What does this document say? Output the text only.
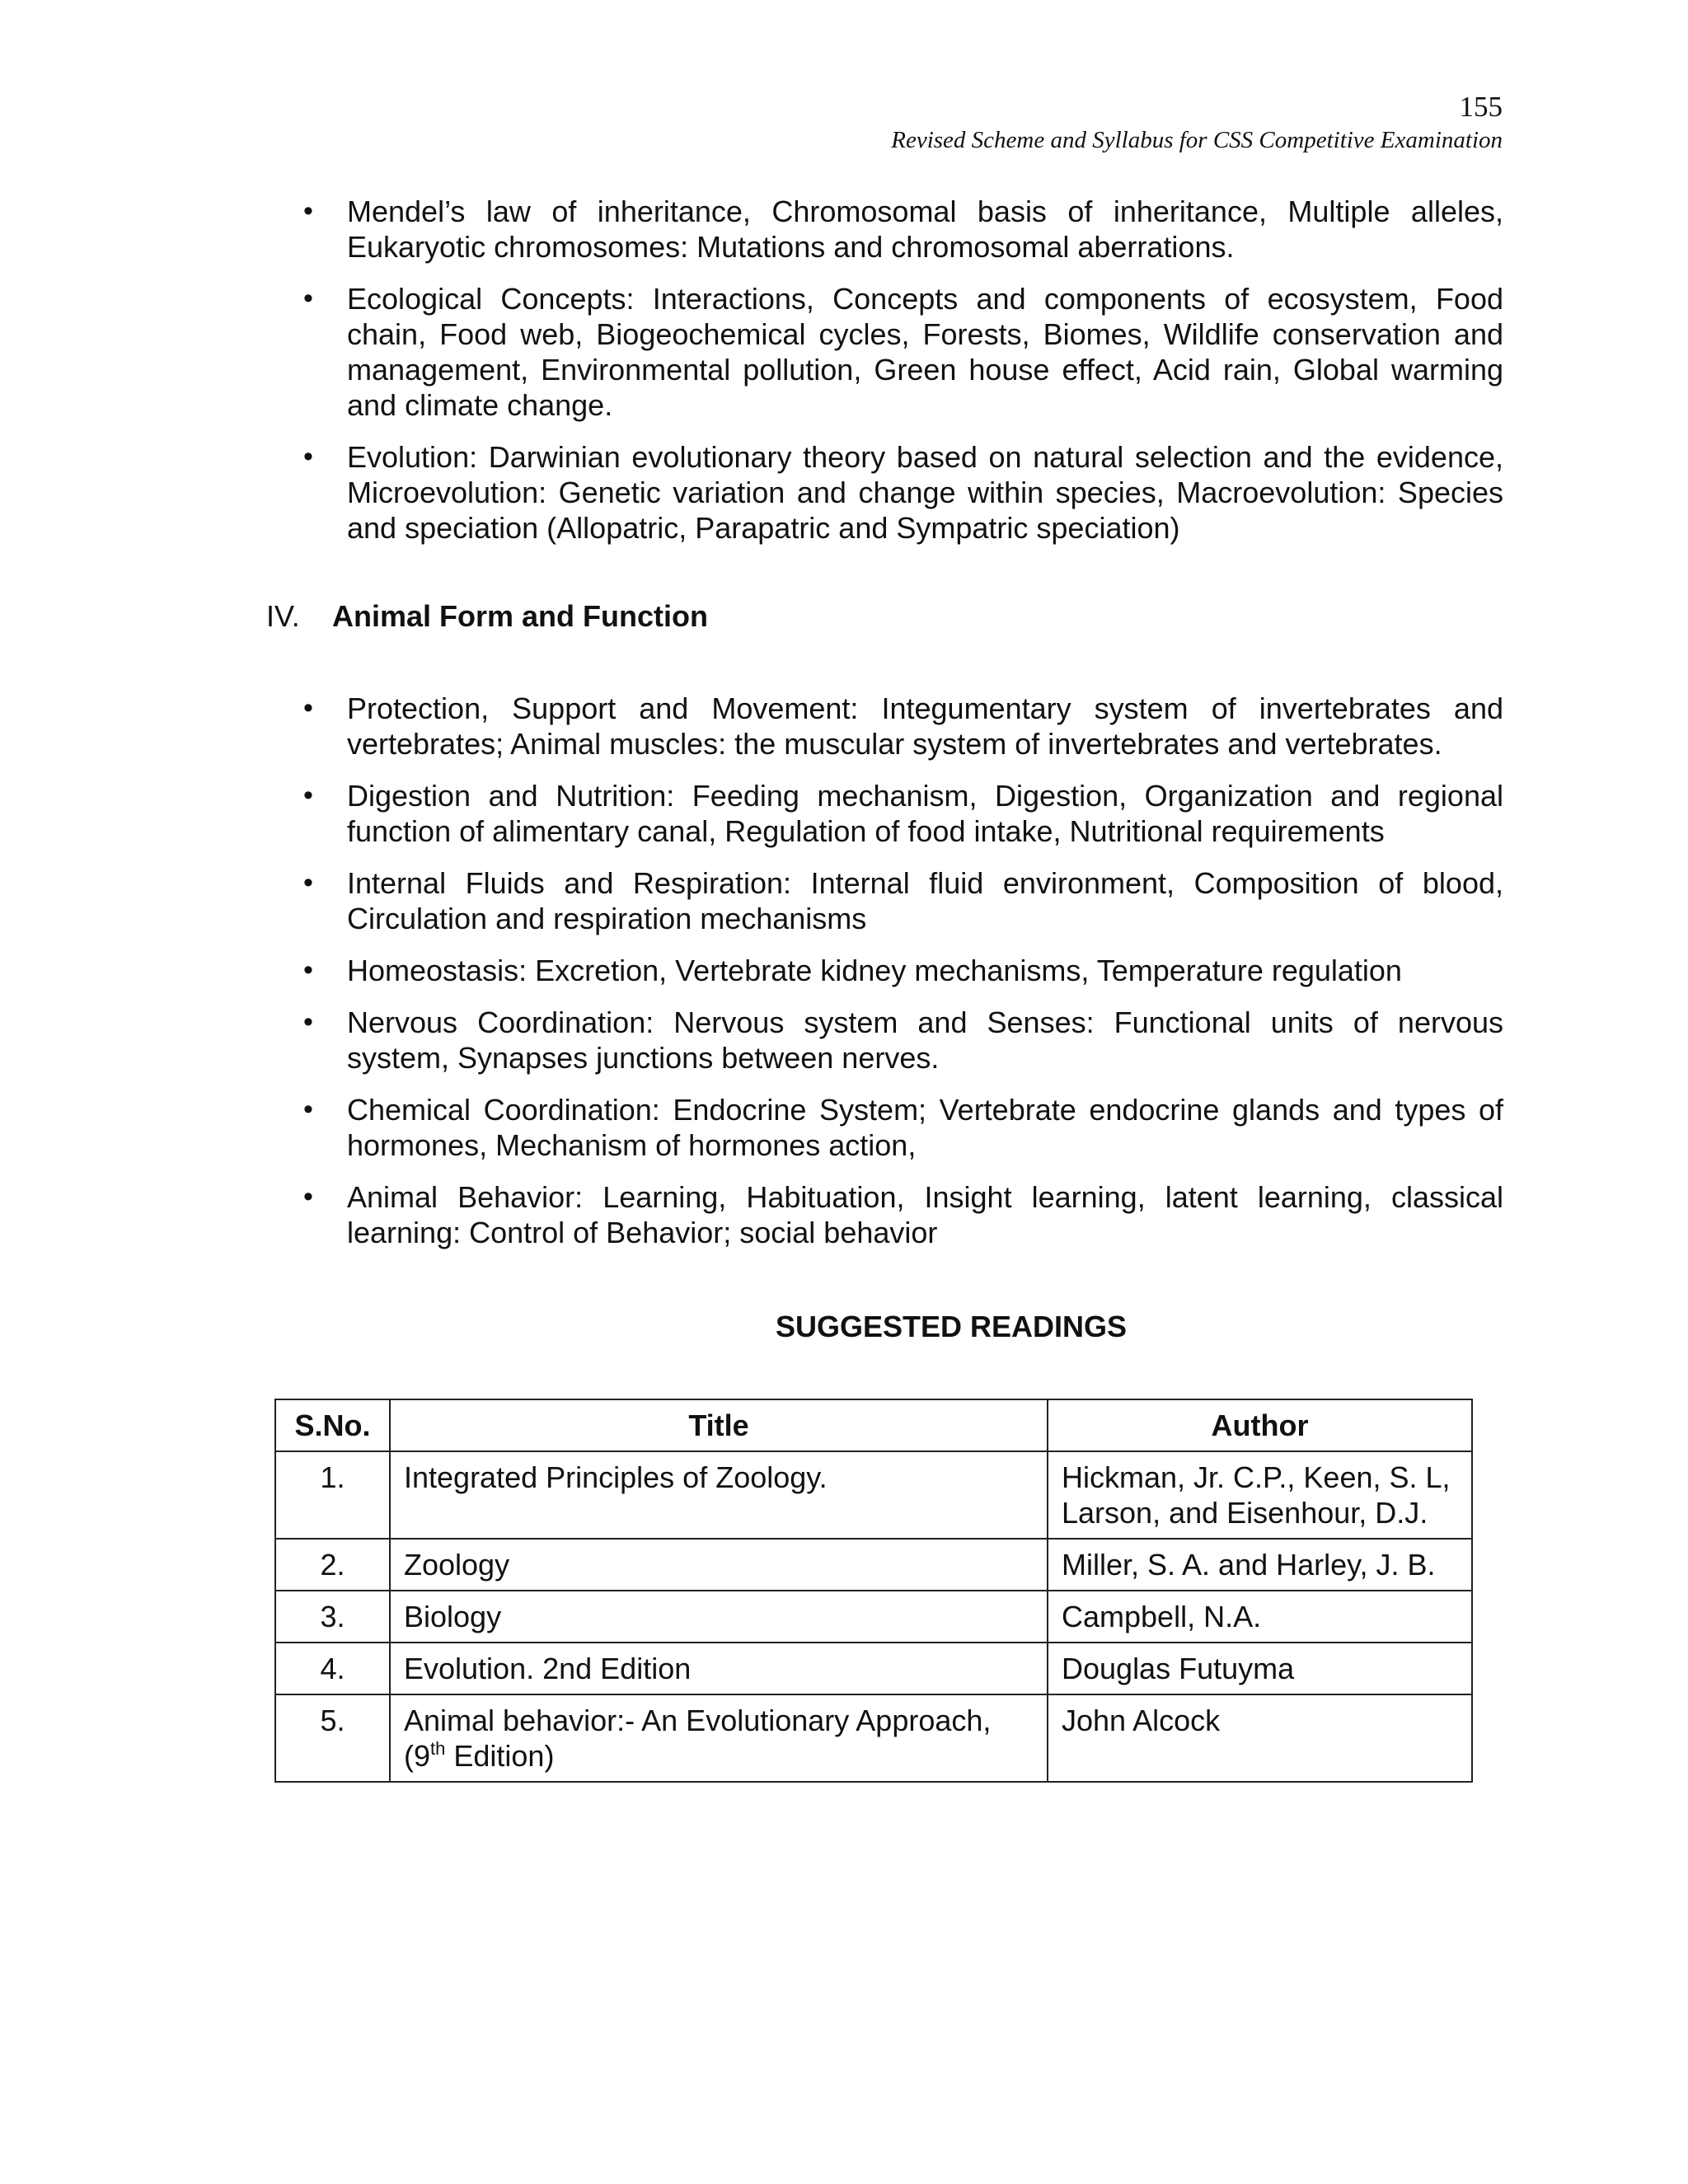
155
Revised Scheme and Syllabus for CSS Competitive Examination
• Mendel’s law of inheritance, Chromosomal basis of inheritance, Multiple alleles, Eukaryotic chromosomes: Mutations and chromosomal aberrations.
• Ecological Concepts: Interactions, Concepts and components of ecosystem, Food chain, Food web, Biogeochemical cycles, Forests, Biomes, Wildlife conservation and management, Environmental pollution, Green house effect, Acid rain, Global warming and climate change.
• Evolution: Darwinian evolutionary theory based on natural selection and the evidence, Microevolution: Genetic variation and change within species, Macroevolution: Species and speciation (Allopatric, Parapatric and Sympatric speciation)
IV. Animal Form and Function
• Protection, Support and Movement: Integumentary system of invertebrates and vertebrates; Animal muscles: the muscular system of invertebrates and vertebrates.
• Digestion and Nutrition: Feeding mechanism, Digestion, Organization and regional function of alimentary canal, Regulation of food intake, Nutritional requirements
• Internal Fluids and Respiration: Internal fluid environment, Composition of blood, Circulation and respiration mechanisms
• Homeostasis: Excretion, Vertebrate kidney mechanisms, Temperature regulation
• Nervous Coordination: Nervous system and Senses: Functional units of nervous system, Synapses junctions between nerves.
• Chemical Coordination: Endocrine System; Vertebrate endocrine glands and types of hormones, Mechanism of hormones action,
• Animal Behavior: Learning, Habituation, Insight learning, latent learning, classical learning: Control of Behavior; social behavior
SUGGESTED READINGS
S.No.	Title	Author
1.	Integrated Principles of Zoology.	Hickman, Jr. C.P., Keen, S. L, Larson, and Eisenhour, D.J.
2.	Zoology	Miller, S. A. and Harley, J. B.
3.	Biology	Campbell, N.A.
4.	Evolution. 2nd Edition	Douglas Futuyma
5.	Animal behavior:- An Evolutionary Approach, (9th Edition)	John Alcock
